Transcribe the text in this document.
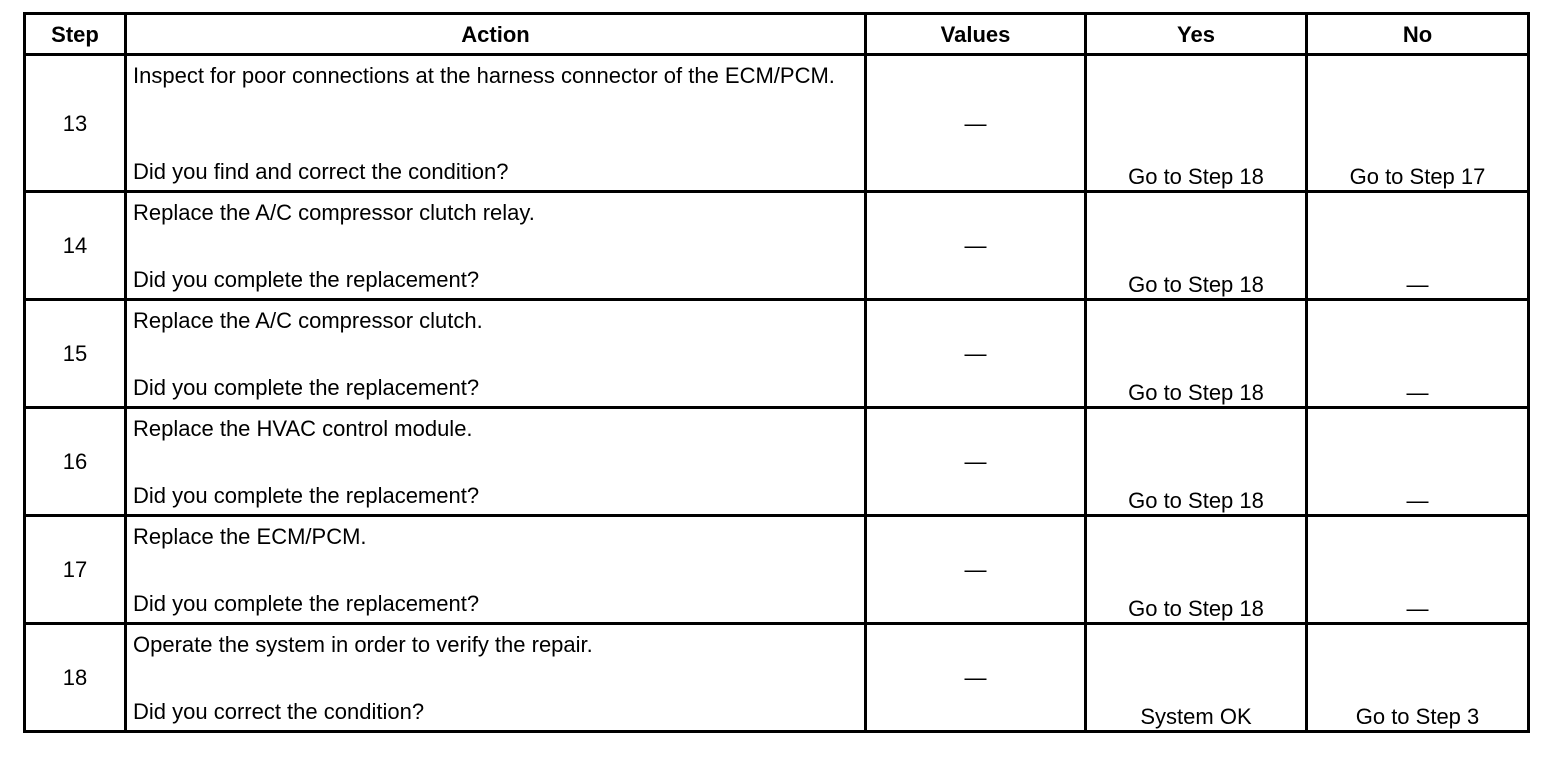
Step	Action	Values	Yes	No
13	Inspect for poor connections at the harness connector of the ECM/PCM.
Did you find and correct the condition?	—	Go to Step 18	Go to Step 17
14	Replace the A/C compressor clutch relay.
Did you complete the replacement?	—	Go to Step 18	—
15	Replace the A/C compressor clutch.
Did you complete the replacement?	—	Go to Step 18	—
16	Replace the HVAC control module.
Did you complete the replacement?	—	Go to Step 18	—
17	Replace the ECM/PCM.
Did you complete the replacement?	—	Go to Step 18	—
18	Operate the system in order to verify the repair.
Did you correct the condition?	—	System OK	Go to Step 3
